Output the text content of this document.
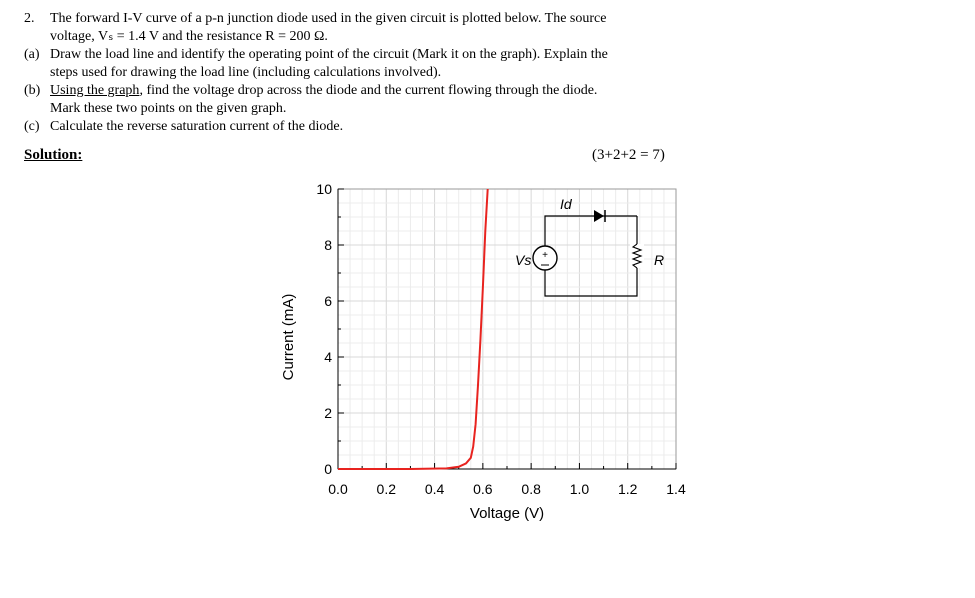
2. The forward I-V curve of a p-n junction diode used in the given circuit is plotted below. The source
voltage, Vₛ = 1.4 V and the resistance R = 200 Ω.
(a) Draw the load line and identify the operating point of the circuit (Mark it on the graph). Explain the
steps used for drawing the load line (including calculations involved).
(b) Using the graph, find the voltage drop across the diode and the current flowing through the diode.
Mark these two points on the given graph.
(c) Calculate the reverse saturation current of the diode.
Solution:	(3+2+2 = 7)
0.0 0.2 0.4 0.6 0.8 1.0 1.2 1.4
0
2
4
6
8
10
+
Vs
Id
R
Voltage (V)
Current (mA)
